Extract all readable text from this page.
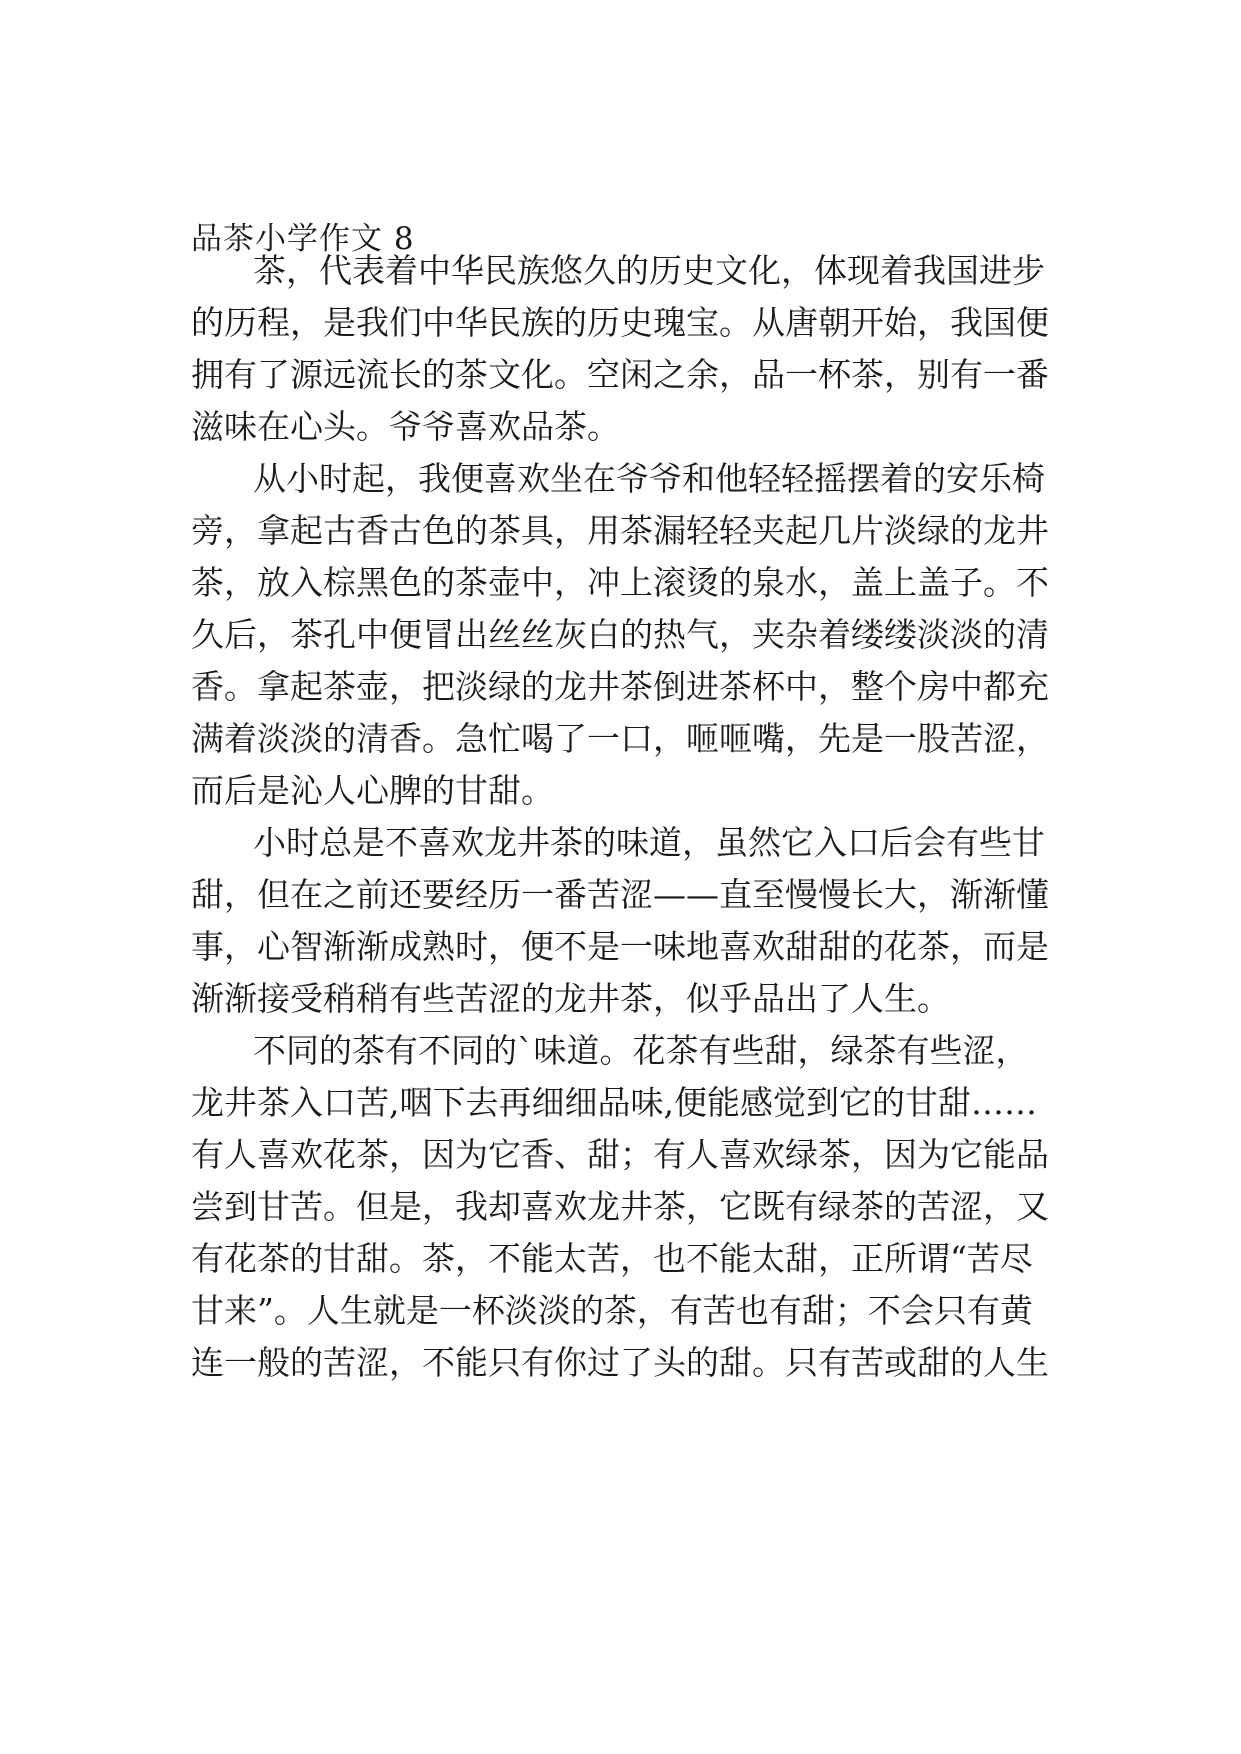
品茶小学作文 8
茶，代表着中华民族悠久的历史文化，体现着我国进步
的历程，是我们中华民族的历史瑰宝。从唐朝开始，我国便
拥有了源远流长的茶文化。空闲之余，品一杯茶，别有一番
滋味在心头。爷爷喜欢品茶。
从小时起，我便喜欢坐在爷爷和他轻轻摇摆着的安乐椅
旁，拿起古香古色的茶具，用茶漏轻轻夹起几片淡绿的龙井
茶，放入棕黑色的茶壶中，冲上滚烫的泉水，盖上盖子。不
久后，茶孔中便冒出丝丝灰白的热气，夹杂着缕缕淡淡的清
香。拿起茶壶，把淡绿的龙井茶倒进茶杯中，整个房中都充
满着淡淡的清香。急忙喝了一口，咂咂嘴，先是一股苦涩，
而后是沁人心脾的甘甜。
小时总是不喜欢龙井茶的味道，虽然它入口后会有些甘
甜，但在之前还要经历一番苦涩——直至慢慢长大，渐渐懂
事，心智渐渐成熟时，便不是一味地喜欢甜甜的花茶，而是
渐渐接受稍稍有些苦涩的龙井茶，似乎品出了人生。
不同的茶有不同的`味道。花茶有些甜，绿茶有些涩，
龙井茶入口苦,咽下去再细细品味,便能感觉到它的甘甜……
有人喜欢花茶，因为它香、甜；有人喜欢绿茶，因为它能品
尝到甘苦。但是，我却喜欢龙井茶，它既有绿茶的苦涩，又
有花茶的甘甜。茶，不能太苦，也不能太甜，正所谓“苦尽
甘来”。人生就是一杯淡淡的茶，有苦也有甜；不会只有黄
连一般的苦涩，不能只有你过了头的甜。只有苦或甜的人生
